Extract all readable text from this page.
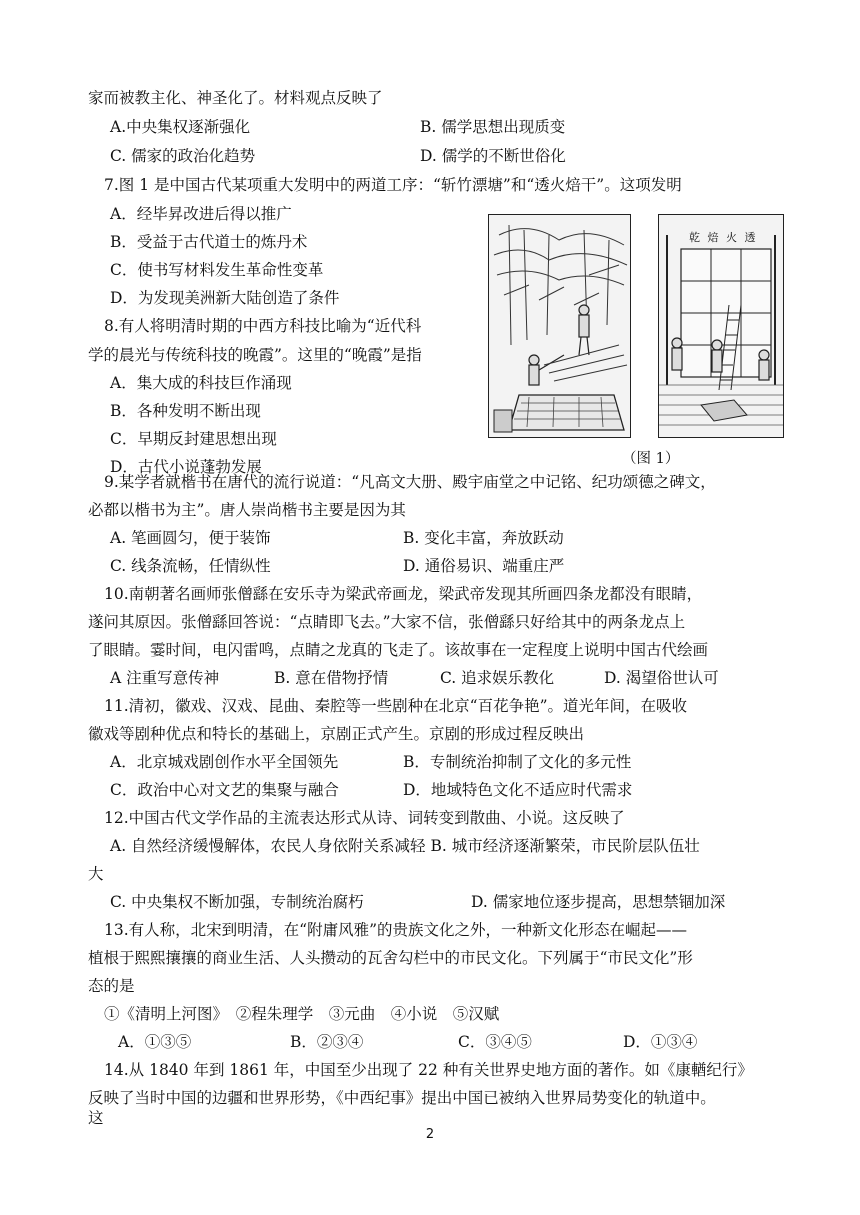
家而被教主化、神圣化了。材料观点反映了
A.中央集权逐渐强化	B. 儒学思想出现质变
C. 儒家的政治化趋势	D. 儒学的不断世俗化
7.图 1 是中国古代某项重大发明中的两道工序：“斩竹漂塘”和“透火焙干”。这项发明
A．经毕昇改进后得以推广
B．受益于古代道士的炼丹术
C．使书写材料发生革命性变革
D．为发现美洲新大陆创造了条件
8.有人将明清时期的中西方科技比喻为“近代科
学的晨光与传统科技的晚霞”。这里的“晚霞”是指
A．集大成的科技巨作涌现
B．各种发明不断出现
C．早期反封建思想出现
D．古代小说蓬勃发展
乾 焙 火 透
（图 1）
9.某学者就楷书在唐代的流行说道：“凡高文大册、殿宇庙堂之中记铭、纪功颂德之碑文，
必都以楷书为主”。唐人崇尚楷书主要是因为其
A. 笔画圆匀，便于装饰	B. 变化丰富，奔放跃动
C. 线条流畅，任情纵性	D. 通俗易识、端重庄严
10.南朝著名画师张僧繇在安乐寺为梁武帝画龙，梁武帝发现其所画四条龙都没有眼睛，
遂问其原因。张僧繇回答说：“点睛即飞去。”大家不信，张僧繇只好给其中的两条龙点上
了眼睛。霎时间，电闪雷鸣，点睛之龙真的飞走了。该故事在一定程度上说明中国古代绘画
A 注重写意传神	B. 意在借物抒情	C. 追求娱乐教化	D. 渴望俗世认可
11.清初，徽戏、汉戏、昆曲、秦腔等一些剧种在北京“百花争艳”。道光年间，在吸收
徽戏等剧种优点和特长的基础上，京剧正式产生。京剧的形成过程反映出
A．北京城戏剧创作水平全国领先	B．专制统治抑制了文化的多元性
C．政治中心对文艺的集聚与融合	D．地域特色文化不适应时代需求
12.中国古代文学作品的主流表达形式从诗、词转变到散曲、小说。这反映了
A. 自然经济缓慢解体，农民人身依附关系减轻 B. 城市经济逐渐繁荣，市民阶层队伍壮
大
C. 中央集权不断加强，专制统治腐朽	D. 儒家地位逐步提高，思想禁锢加深
13.有人称，北宋到明清，在“附庸风雅”的贵族文化之外，一种新文化形态在崛起——
植根于熙熙攘攘的商业生活、人头攒动的瓦舍勾栏中的市民文化。下列属于“市民文化”形
态的是
①《清明上河图》　②程朱理学　③元曲　④小说　⑤汉赋
A．①③⑤	B．②③④	C．③④⑤	D．①③④
14.从 1840 年到 1861 年，中国至少出现了 22 种有关世界史地方面的著作。如《康輶纪行》
反映了当时中国的边疆和世界形势，《中西纪事》提出中国已被纳入世界局势变化的轨道中。
这
2
